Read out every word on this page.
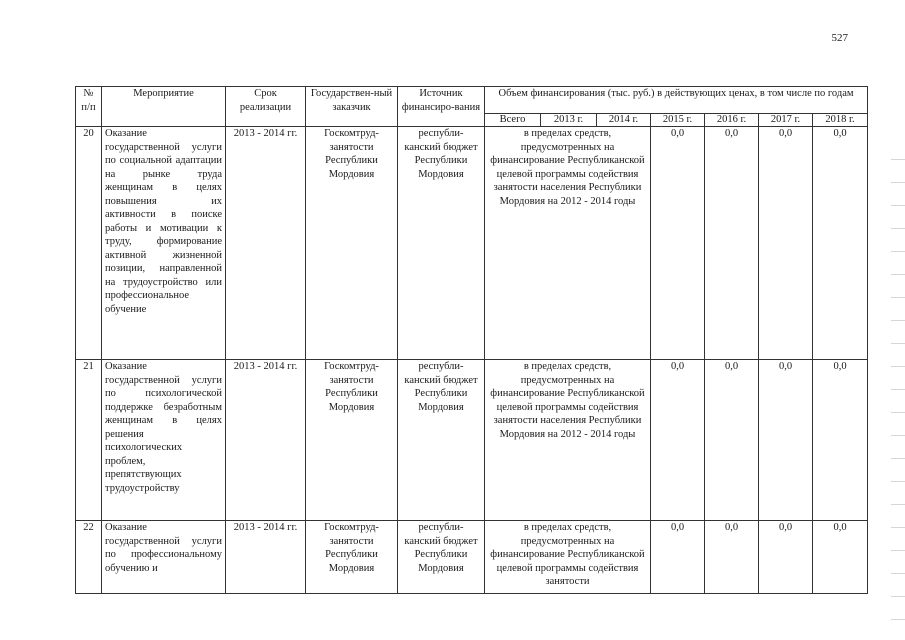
527
№ п/п	Мероприятие	Срок реализации	Государствен-ный заказчик	Источник финансиро-вания	Объем финансирования (тыс. руб.) в действующих ценах, в том числе по годам						
					Всего	2013 г.	2014 г.	2015 г.	2016 г.	2017 г.	2018 г.
20	Оказание государственной услуги по социальной адаптации на рынке труда женщинам в целях повышения их активности в поиске работы и мотивации к труду, формирование активной жизненной позиции, направленной на трудоустройство или профессиональное обучение	2013 - 2014 гг.	Госкомтруд-занятости Республики Мордовия	республи-канский бюджет Республики Мордовия	в пределах средств, предусмотренных на финансирование Республиканской целевой программы содействия занятости населения Республики Мордовия на 2012 - 2014 годы			0,0	0,0	0,0	0,0
21	Оказание государственной услуги по психологической поддержке безработным женщинам в целях решения психологических проблем, препятствующих трудоустройству	2013 - 2014 гг.	Госкомтруд-занятости Республики Мордовия	республи-канский бюджет Республики Мордовия	в пределах средств, предусмотренных на финансирование Республиканской целевой программы содействия занятости населения Республики Мордовия на 2012 - 2014 годы			0,0	0,0	0,0	0,0
22	Оказание государственной услуги по профессиональному обучению и	2013 - 2014 гг.	Госкомтруд-занятости Республики Мордовия	республи-канский бюджет Республики Мордовия	в пределах средств, предусмотренных на финансирование Республиканской целевой программы содействия занятости			0,0	0,0	0,0	0,0
